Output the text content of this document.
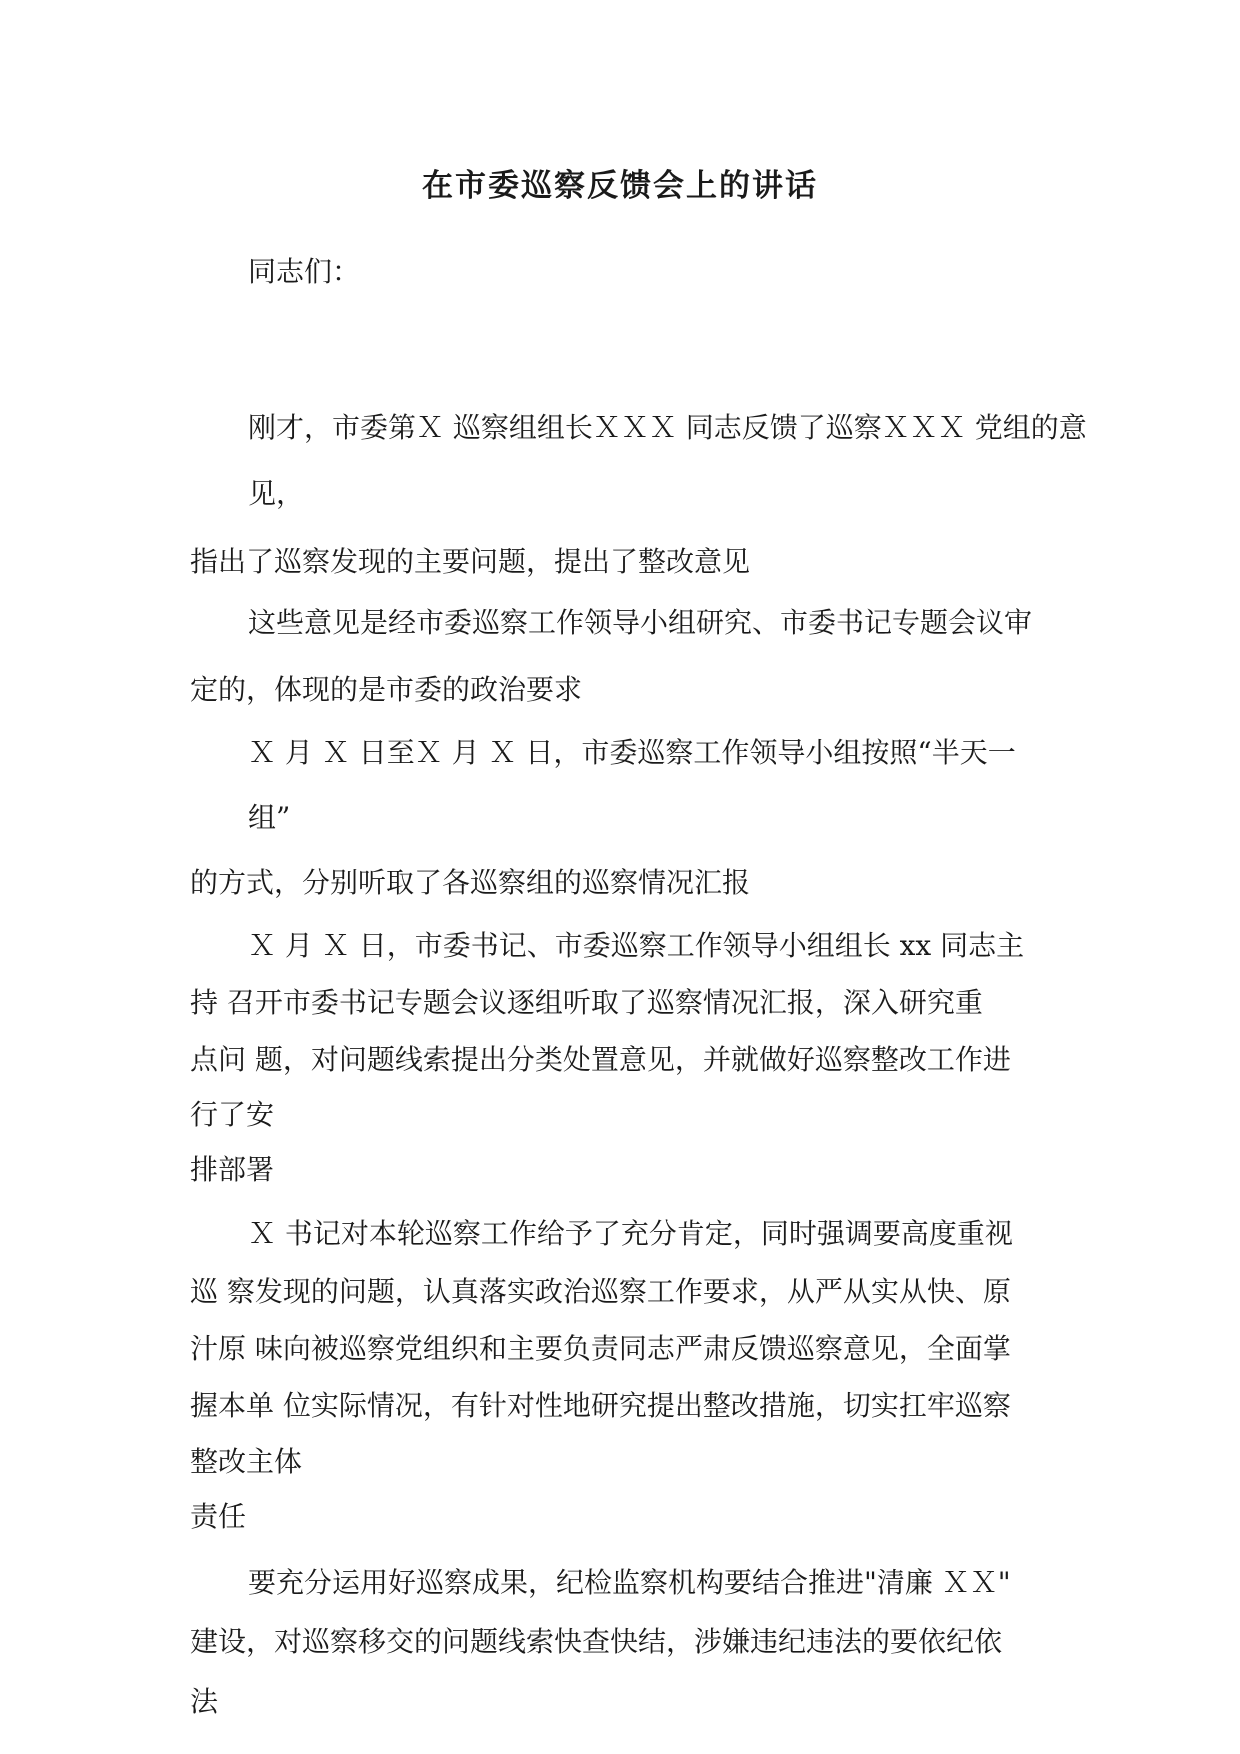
在市委巡察反馈会上的讲话
同志们：
刚才，市委第Ｘ 巡察组组长ＸＸＸ 同志反馈了巡察ＸＸＸ 党组的意
见，
指出了巡察发现的主要问题，提出了整改意见
这些意见是经市委巡察工作领导小组研究、市委书记专题会议审
定的，体现的是市委的政治要求
Ｘ 月 Ｘ 日至Ｘ 月 Ｘ 日，市委巡察工作领导小组按照“半天一
组”
的方式，分别听取了各巡察组的巡察情况汇报
Ｘ 月 Ｘ 日，市委书记、市委巡察工作领导小组组长 xx 同志主
持 召开市委书记专题会议逐组听取了巡察情况汇报，深入研究重
点问 题，对问题线索提出分类处置意见，并就做好巡察整改工作进
行了安
排部署
Ｘ 书记对本轮巡察工作给予了充分肯定，同时强调要高度重视
巡 察发现的问题，认真落实政治巡察工作要求，从严从实从快、原
汁原 味向被巡察党组织和主要负责同志严肃反馈巡察意见，全面掌
握本单 位实际情况，有针对性地研究提出整改措施，切实扛牢巡察
整改主体
责任
要充分运用好巡察成果，纪检监察机构要结合推进"清廉 ＸＸ"
建设，对巡察移交的问题线索快查快结，涉嫌违纪违法的要依纪依
法
